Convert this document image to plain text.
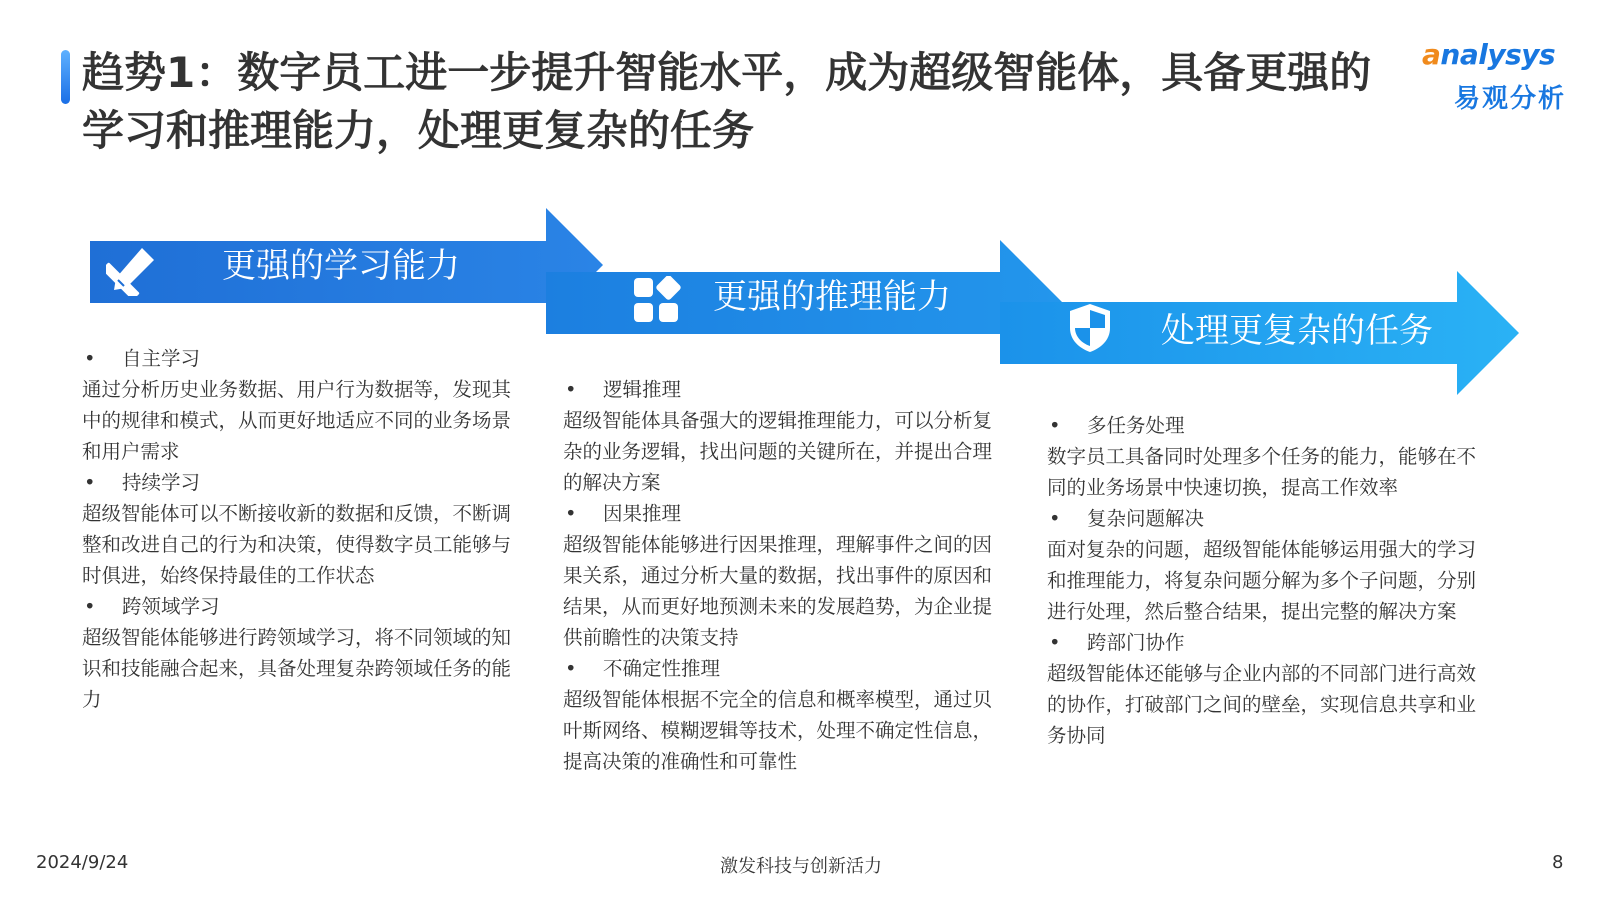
趋势1：数字员工进一步提升智能水平，成为超级智能体，具备更强的学习和推理能力，处理更复杂的任务
analysys
易观分析
更强的学习能力
更强的推理能力
处理更复杂的任务
•	自主学习

通过分析历史业务数据、用户行为数据等，发现其中的规律和模式，从而更好地适应不同的业务场景和用户需求

•	持续学习

超级智能体可以不断接收新的数据和反馈，不断调整和改进自己的行为和决策，使得数字员工能够与时俱进，始终保持最佳的工作状态

•	跨领域学习

超级智能体能够进行跨领域学习，将不同领域的知识和技能融合起来，具备处理复杂跨领域任务的能力

•	逻辑推理

超级智能体具备强大的逻辑推理能力，可以分析复杂的业务逻辑，找出问题的关键所在，并提出合理的解决方案

•	因果推理

超级智能体能够进行因果推理，理解事件之间的因果关系，通过分析大量的数据，找出事件的原因和结果，从而更好地预测未来的发展趋势，为企业提供前瞻性的决策支持

•	不确定性推理

超级智能体根据不完全的信息和概率模型，通过贝叶斯网络、模糊逻辑等技术，处理不确定性信息，提高决策的准确性和可靠性

•	多任务处理

数字员工具备同时处理多个任务的能力，能够在不同的业务场景中快速切换，提高工作效率

•	复杂问题解决

面对复杂的问题，超级智能体能够运用强大的学习和推理能力，将复杂问题分解为多个子问题，分别进行处理，然后整合结果，提出完整的解决方案

•	跨部门协作

超级智能体还能够与企业内部的不同部门进行高效的协作，打破部门之间的壁垒，实现信息共享和业务协同

2024/9/24	激发科技与创新活力	8
